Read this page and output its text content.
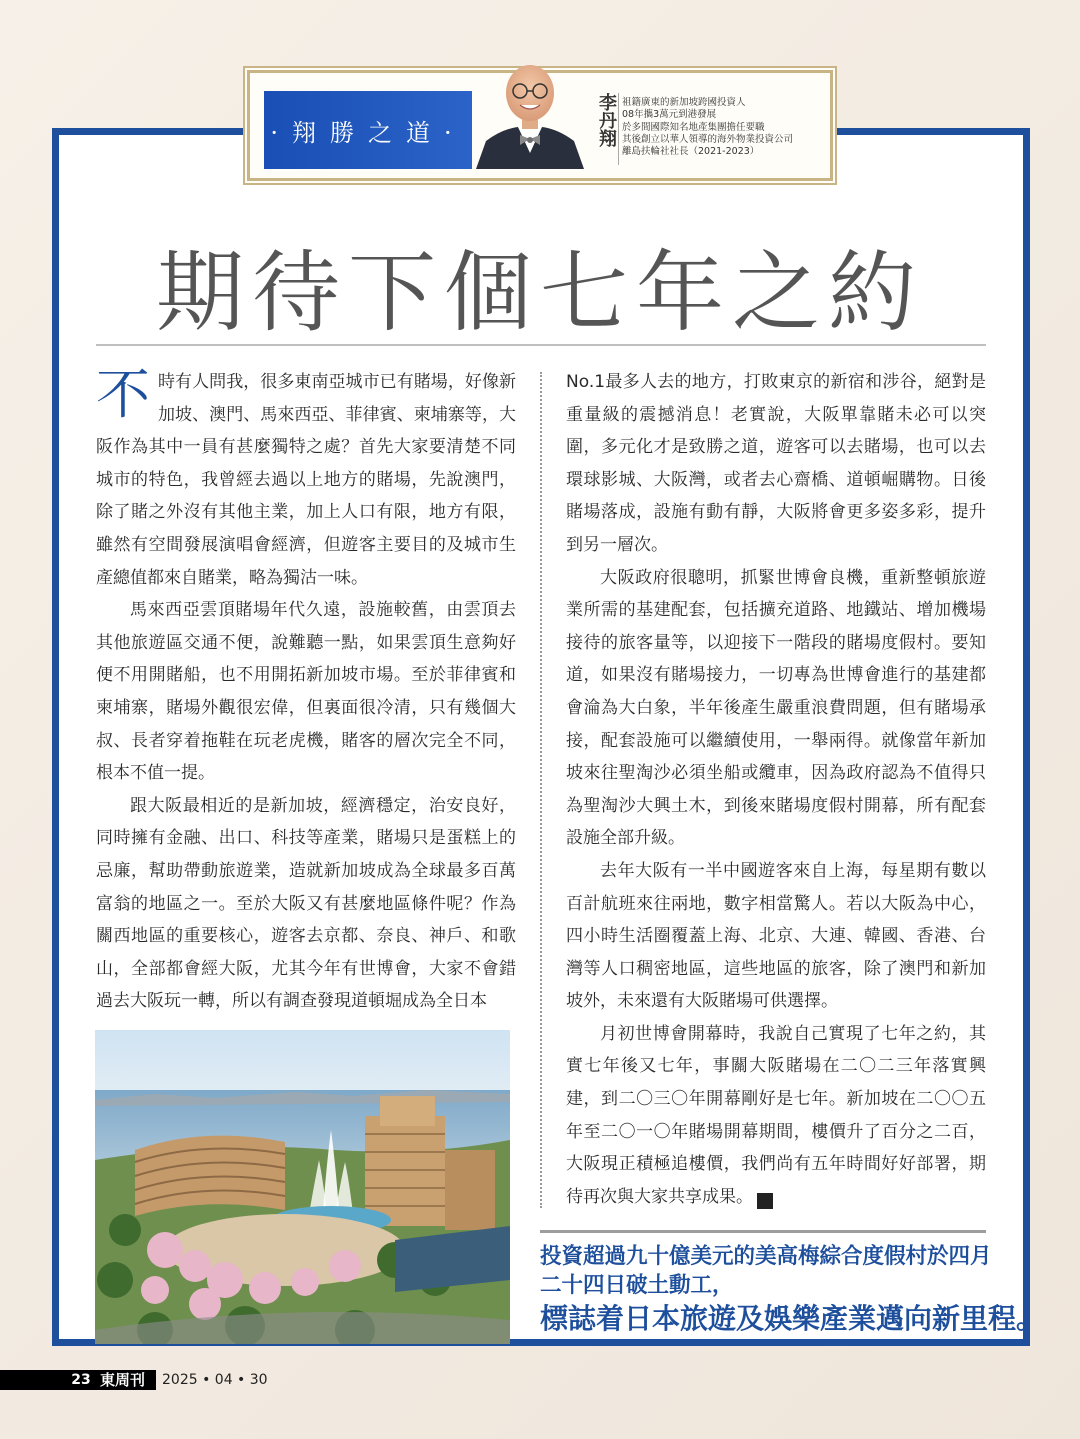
·翔勝之道·	李丹翔 祖籍廣東的新加坡跨國投資人
08年攜3萬元到港發展
於多間國際知名地產集團擔任要職
其後創立以華人領導的海外物業投資公司
離島扶輪社社長（2021-2023）
期待下個七年之約

不時有人問我，很多東南亞城市已有賭場，好像新加坡、澳門、馬來西亞、菲律賓、柬埔寨等，大阪作為其中一員有甚麼獨特之處？首先大家要清楚不同城市的特色，我曾經去過以上地方的賭場，先說澳門，除了賭之外沒有其他主業，加上人口有限，地方有限，雖然有空間發展演唱會經濟，但遊客主要目的及城市生產總值都來自賭業，略為獨沽一味。

馬來西亞雲頂賭場年代久遠，設施較舊，由雲頂去其他旅遊區交通不便，說難聽一點，如果雲頂生意夠好便不用開賭船，也不用開拓新加坡市場。至於菲律賓和柬埔寨，賭場外觀很宏偉，但裏面很冷清，只有幾個大叔、長者穿着拖鞋在玩老虎機，賭客的層次完全不同，根本不值一提。

跟大阪最相近的是新加坡，經濟穩定，治安良好，同時擁有金融、出口、科技等產業，賭場只是蛋糕上的忌廉，幫助帶動旅遊業，造就新加坡成為全球最多百萬富翁的地區之一。至於大阪又有甚麼地區條件呢？作為關西地區的重要核心，遊客去京都、奈良、神戶、和歌山，全部都會經大阪，尤其今年有世博會，大家不會錯過去大阪玩一轉，所以有調查發現道頓堀成為全日本

No.1最多人去的地方，打敗東京的新宿和涉谷，絕對是重量級的震撼消息！老實說，大阪單靠賭未必可以突圍，多元化才是致勝之道，遊客可以去賭場，也可以去環球影城、大阪灣，或者去心齋橋、道頓崛購物。日後賭場落成，設施有動有靜，大阪將會更多姿多彩，提升到另一層次。

大阪政府很聰明，抓緊世博會良機，重新整頓旅遊業所需的基建配套，包括擴充道路、地鐵站、增加機場接待的旅客量等，以迎接下一階段的賭場度假村。要知道，如果沒有賭場接力，一切專為世博會進行的基建都會淪為大白象，半年後產生嚴重浪費問題，但有賭場承接，配套設施可以繼續使用，一舉兩得。就像當年新加坡來往聖淘沙必須坐船或纜車，因為政府認為不值得只為聖淘沙大興土木，到後來賭場度假村開幕，所有配套設施全部升級。

去年大阪有一半中國遊客來自上海，每星期有數以百計航班來往兩地，數字相當驚人。若以大阪為中心，四小時生活圈覆蓋上海、北京、大連、韓國、香港、台灣等人口稠密地區，這些地區的旅客，除了澳門和新加坡外，未來還有大阪賭場可供選擇。

月初世博會開幕時，我說自己實現了七年之約，其實七年後又七年，事關大阪賭場在二〇二三年落實興建，到二〇三〇年開幕剛好是七年。新加坡在二〇〇五年至二〇一〇年賭場開幕期間，樓價升了百分之二百，大阪現正積極追樓價，我們尚有五年時間好好部署，期待再次與大家共享成果。	東

投資超過九十億美元的美高梅綜合度假村於四月
二十四日破土動工，
標誌着日本旅遊及娛樂產業邁向新里程。
23 東周刊	2025 • 04 • 30
